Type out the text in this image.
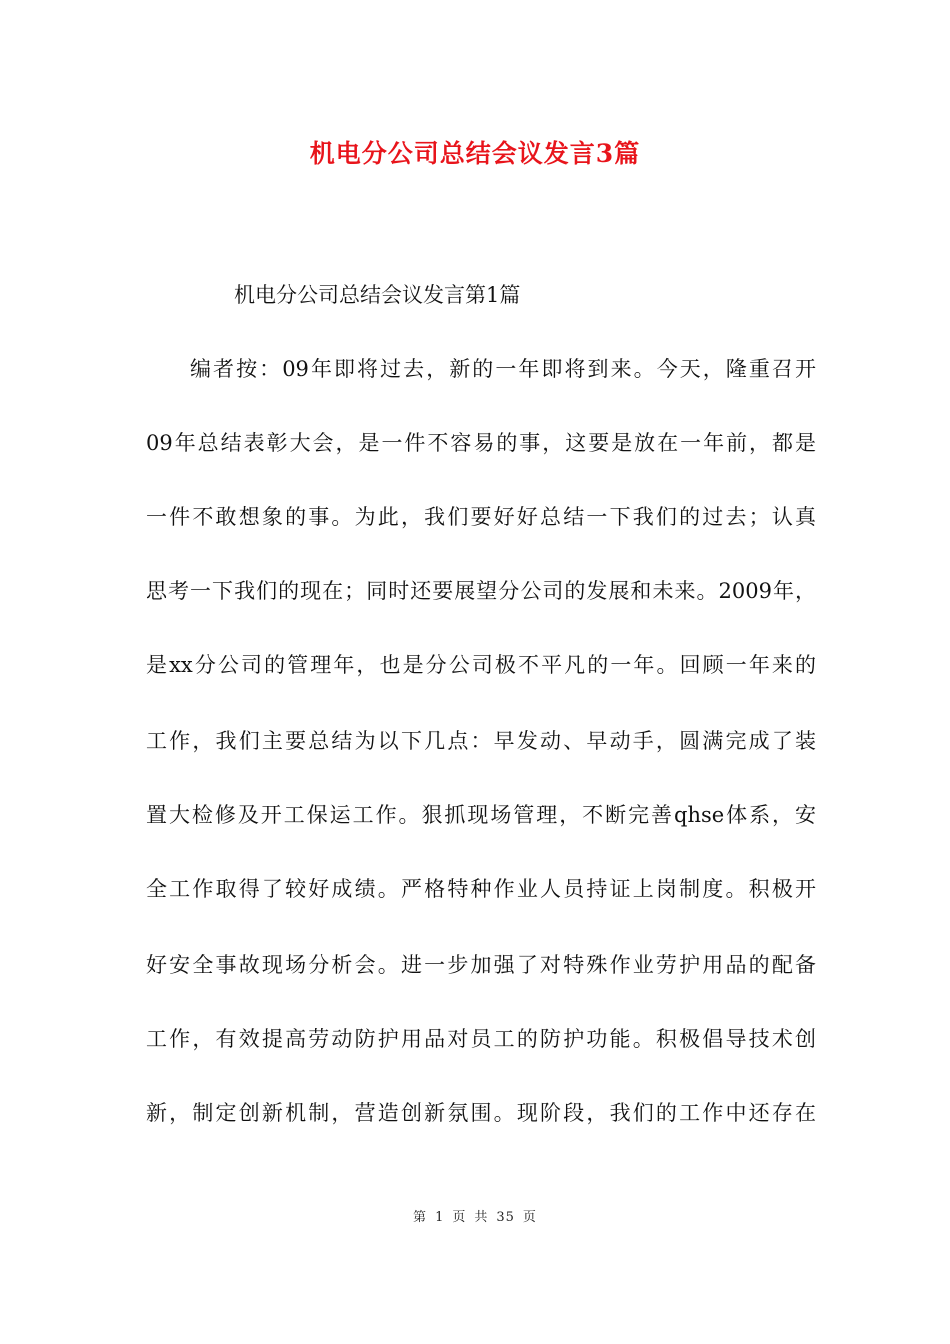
机电分公司总结会议发言3篇
机电分公司总结会议发言第1篇
编者按：09年即将过去，新的一年即将到来。今天，隆重召开
09年总结表彰大会，是一件不容易的事，这要是放在一年前，都是
一件不敢想象的事。为此，我们要好好总结一下我们的过去；认真
思考一下我们的现在；同时还要展望分公司的发展和未来。2009年，
是xx分公司的管理年，也是分公司极不平凡的一年。回顾一年来的
工作，我们主要总结为以下几点：早发动、早动手，圆满完成了装
置大检修及开工保运工作。狠抓现场管理，不断完善qhse体系，安
全工作取得了较好成绩。严格特种作业人员持证上岗制度。积极开
好安全事故现场分析会。进一步加强了对特殊作业劳护用品的配备
工作，有效提高劳动防护用品对员工的防护功能。积极倡导技术创
新，制定创新机制，营造创新氛围。现阶段，我们的工作中还存在
第 1 页 共 35 页
